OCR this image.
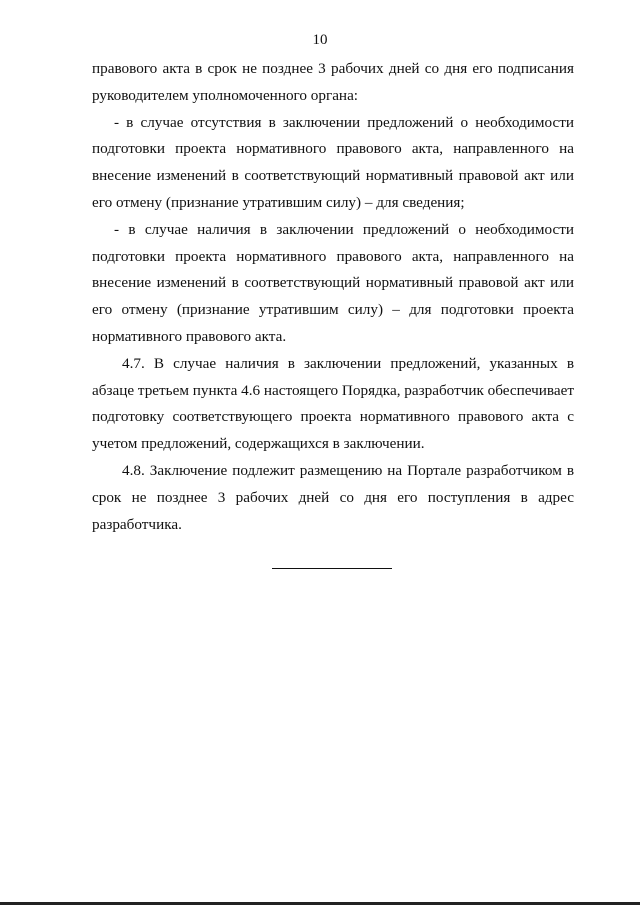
10

правового акта в срок не позднее 3 рабочих дней со дня его подписания руководителем уполномоченного органа:

- в случае отсутствия в заключении предложений о необходимости подготовки проекта нормативного правового акта, направленного на внесение изменений в соответствующий нормативный правовой акт или его отмену (признание утратившим силу) – для сведения;

- в случае наличия в заключении предложений о необходимости подготовки проекта нормативного правового акта, направленного на внесение изменений в соответствующий нормативный правовой акт или его отмену (признание утратившим силу) – для подготовки проекта нормативного правового акта.

4.7. В случае наличия в заключении предложений, указанных в абзаце третьем пункта 4.6 настоящего Порядка, разработчик обеспечивает подготовку соответствующего проекта нормативного правового акта с учетом предложений, содержащихся в заключении.

4.8. Заключение подлежит размещению на Портале разработчиком в срок не позднее 3 рабочих дней со дня его поступления в адрес разработчика.
